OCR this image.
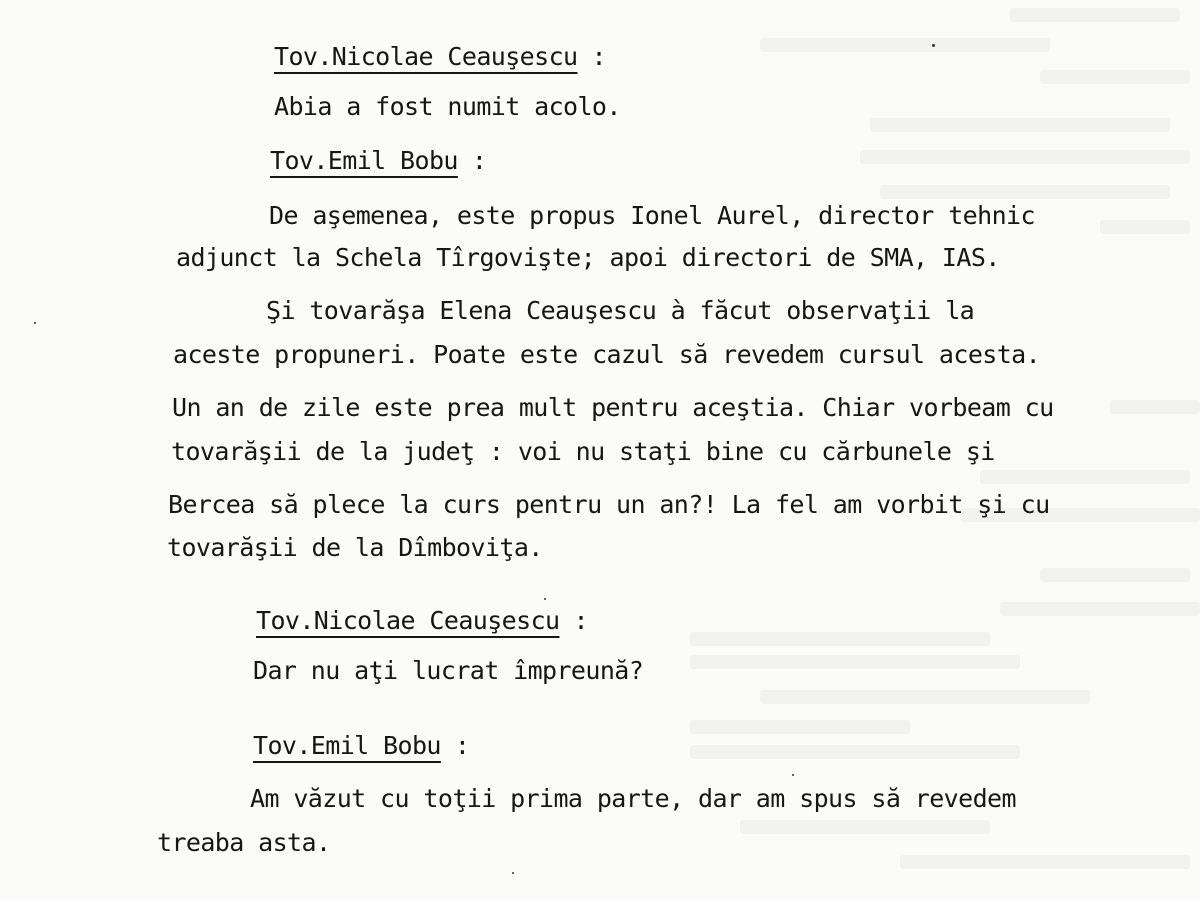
Tov.Nicolae Ceauşescu :
Abia a fost numit acolo.
Tov.Emil Bobu :
De aşemenea, este propus Ionel Aurel, director tehnic
adjunct la Schela Tîrgovişte; apoi directori de SMA, IAS.
Şi tovarăşa Elena Ceauşescu à făcut observaţii la
aceste propuneri. Poate este cazul să revedem cursul acesta.
Un an de zile este prea mult pentru aceştia. Chiar vorbeam cu
tovarăşii de la judeţ : voi nu staţi bine cu cărbunele şi
Bercea să plece la curs pentru un an?! La fel am vorbit şi cu
tovarăşii de la Dîmboviţa.
Tov.Nicolae Ceauşescu :
Dar nu aţi lucrat împreună?
Tov.Emil Bobu :
Am văzut cu toţii prima parte, dar am spus să revedem
treaba asta.
